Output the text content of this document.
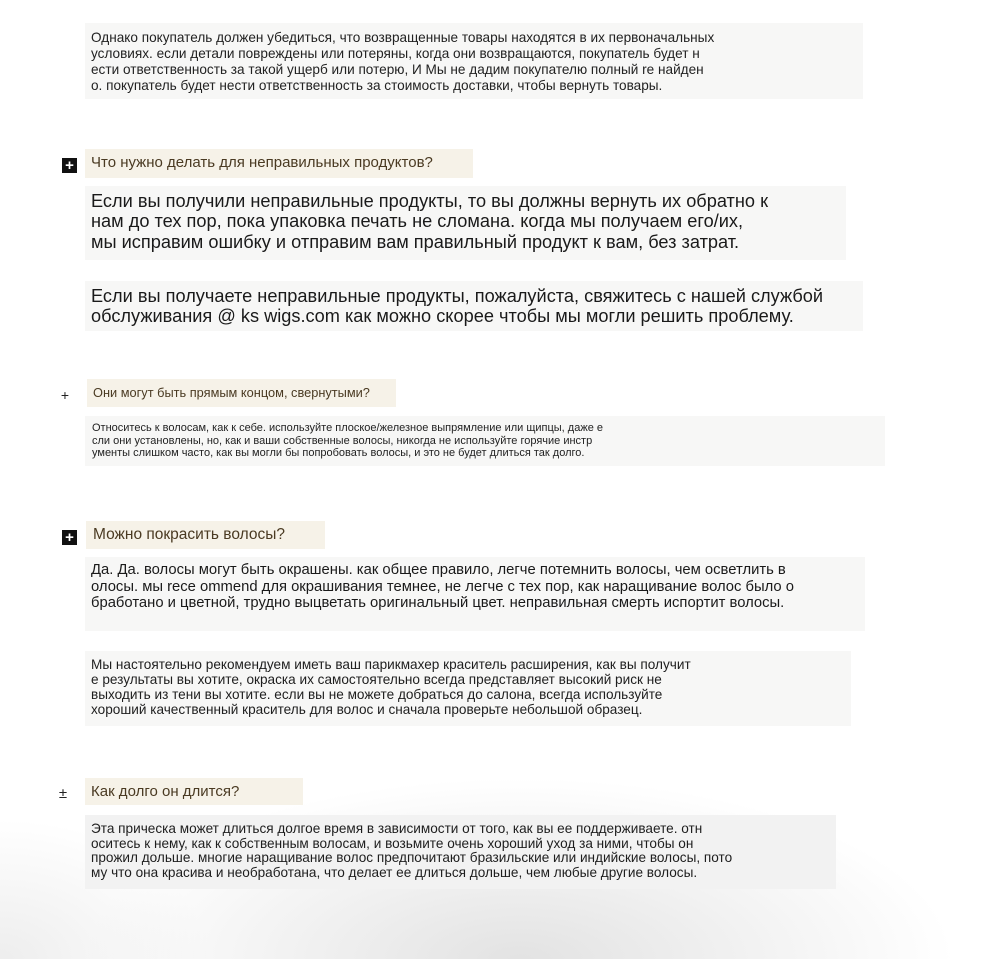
Однако покупатель должен убедиться, что возвращенные товары находятся в их первоначальных
условиях. если детали повреждены или потеряны, когда они возвращаются, покупатель будет н
ести ответственность за такой ущерб или потерю, И Мы не дадим покупателю полный re найден
о. покупатель будет нести ответственность за стоимость доставки, чтобы вернуть товары.
+	Что нужно делать для неправильных продуктов?
Если вы получили неправильные продукты, то вы должны вернуть их обратно к
нам до тех пор, пока упаковка печать не сломана. когда мы получаем его/их,
мы исправим ошибку и отправим вам правильный продукт к вам, без затрат.
Если вы получаете неправильные продукты, пожалуйста, свяжитесь с нашей службой
обслуживания @ ks wigs.com как можно скорее чтобы мы могли решить проблему.
+	Они могут быть прямым концом, свернутыми?
Относитесь к волосам, как к себе. используйте плоское/железное выпрямление или щипцы, даже е
сли они установлены, но, как и ваши собственные волосы, никогда не используйте горячие инстр
ументы слишком часто, как вы могли бы попробовать волосы, и это не будет длиться так долго.
+	Можно покрасить волосы?
Да. Да. волосы могут быть окрашены. как общее правило, легче потемнить волосы, чем осветлить в
олосы. мы rece ommend для окрашивания темнее, не легче с тех пор, как наращивание волос было о
бработано и цветной, трудно выцветать оригинальный цвет. неправильная смерть испортит волосы.
Мы настоятельно рекомендуем иметь ваш парикмахер краситель расширения, как вы получит
е результаты вы хотите, окраска их самостоятельно всегда представляет высокий риск не
выходить из тени вы хотите. если вы не можете добраться до салона, всегда используйте
хороший качественный краситель для волос и сначала проверьте небольшой образец.
±	Как долго он длится?
Эта прическа может длиться долгое время в зависимости от того, как вы ее поддерживаете. отн
оситесь к нему, как к собственным волосам, и возьмите очень хороший уход за ними, чтобы он
прожил дольше. многие наращивание волос предпочитают бразильские или индийские волосы, пото
му что она красива и необработана, что делает ее длиться дольше, чем любые другие волосы.
